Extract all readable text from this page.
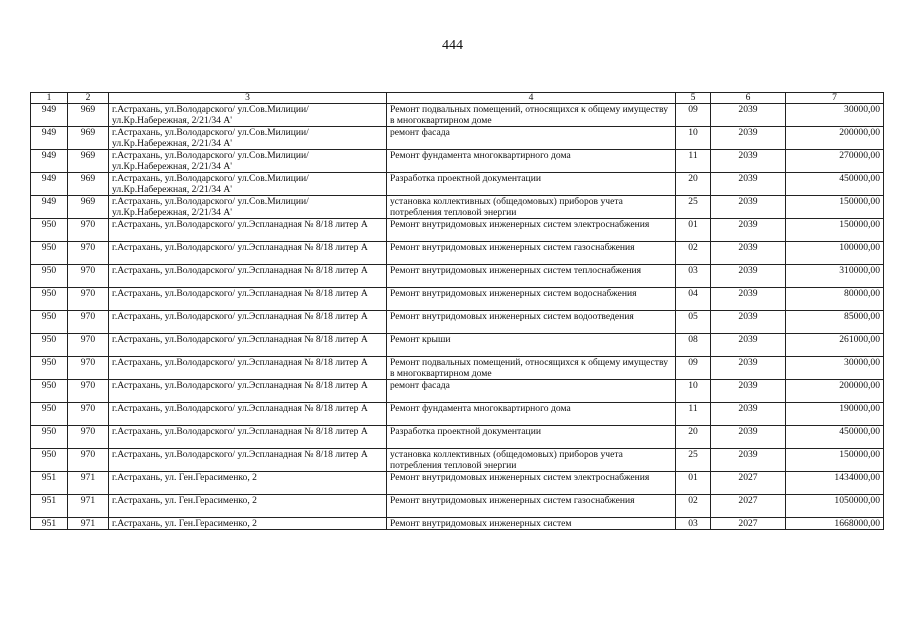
444
1	2	3	4	5	6	7
949	969	г.Астрахань, ул.Володарского/ ул.Сов.Милиции/ ул.Кр.Набережная, 2/21/34 А'	Ремонт подвальных помещений, относящихся к общему имуществу в многоквартирном доме	09	2039	30000,00
949	969	г.Астрахань, ул.Володарского/ ул.Сов.Милиции/ ул.Кр.Набережная, 2/21/34 А'	ремонт фасада	10	2039	200000,00
949	969	г.Астрахань, ул.Володарского/ ул.Сов.Милиции/ ул.Кр.Набережная, 2/21/34 А'	Ремонт фундамента многоквартирного дома	11	2039	270000,00
949	969	г.Астрахань, ул.Володарского/ ул.Сов.Милиции/ ул.Кр.Набережная, 2/21/34 А'	Разработка проектной документации	20	2039	450000,00
949	969	г.Астрахань, ул.Володарского/ ул.Сов.Милиции/ ул.Кр.Набережная, 2/21/34 А'	установка коллективных (общедомовых) приборов учета потребления тепловой энергии	25	2039	150000,00
950	970	г.Астрахань, ул.Володарского/ ул.Эспланадная № 8/18 литер А	Ремонт внутридомовых инженерных систем электроснабжения	01	2039	150000,00
950	970	г.Астрахань, ул.Володарского/ ул.Эспланадная № 8/18 литер А	Ремонт внутридомовых инженерных систем газоснабжения	02	2039	100000,00
950	970	г.Астрахань, ул.Володарского/ ул.Эспланадная № 8/18 литер А	Ремонт внутридомовых инженерных систем теплоснабжения	03	2039	310000,00
950	970	г.Астрахань, ул.Володарского/ ул.Эспланадная № 8/18 литер А	Ремонт внутридомовых инженерных систем водоснабжения	04	2039	80000,00
950	970	г.Астрахань, ул.Володарского/ ул.Эспланадная № 8/18 литер А	Ремонт внутридомовых инженерных систем водоотведения	05	2039	85000,00
950	970	г.Астрахань, ул.Володарского/ ул.Эспланадная № 8/18 литер А	Ремонт крыши	08	2039	261000,00
950	970	г.Астрахань, ул.Володарского/ ул.Эспланадная № 8/18 литер А	Ремонт подвальных помещений, относящихся к общему имуществу в многоквартирном доме	09	2039	30000,00
950	970	г.Астрахань, ул.Володарского/ ул.Эспланадная № 8/18 литер А	ремонт фасада	10	2039	200000,00
950	970	г.Астрахань, ул.Володарского/ ул.Эспланадная № 8/18 литер А	Ремонт фундамента многоквартирного дома	11	2039	190000,00
950	970	г.Астрахань, ул.Володарского/ ул.Эспланадная № 8/18 литер А	Разработка проектной документации	20	2039	450000,00
950	970	г.Астрахань, ул.Володарского/ ул.Эспланадная № 8/18 литер А	установка коллективных (общедомовых) приборов учета потребления тепловой энергии	25	2039	150000,00
951	971	г.Астрахань, ул. Ген.Герасименко, 2	Ремонт внутридомовых инженерных систем электроснабжения	01	2027	1434000,00
951	971	г.Астрахань, ул. Ген.Герасименко, 2	Ремонт внутридомовых инженерных систем газоснабжения	02	2027	1050000,00
951	971	г.Астрахань, ул. Ген.Герасименко, 2	Ремонт внутридомовых инженерных систем	03	2027	1668000,00
